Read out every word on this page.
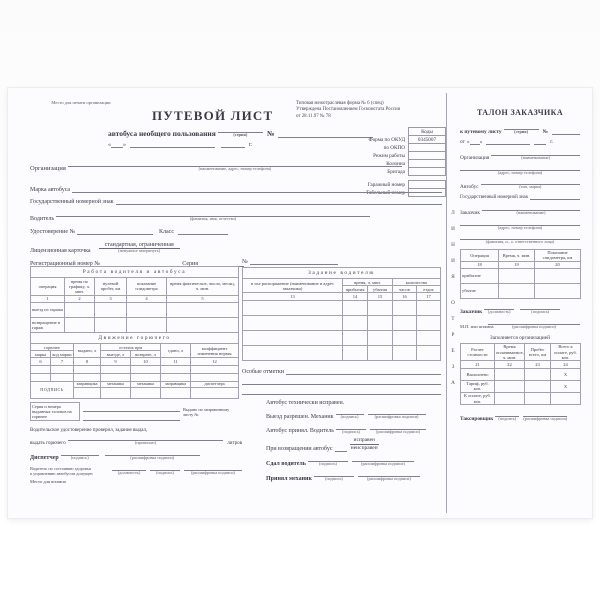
Место для печати организации
ПУТЕВОЙ ЛИСТ
автобуса необщего пользования	(серия)	№
« »	г.
Типовая межотраслевая форма № 6 (спец)
Утверждена Постановлением Госкомстата России
от 28.11.97 № 78
Коды
Форма по ОКУД	0345007
по ОКПО
Режим работы
Колонна
Бригада
Гаражный номер
Табельный номер
Организация	(наименование, адрес, номер телефона)
Марка автобуса
Государственный номерной знак
Водитель	(фамилия, имя, отчество)
Удостоверение №	Класс
Лицензионная карточка
стандартная, ограниченная
(ненужное зачеркнуть)
Регистрационный номер №	Серия
Работа водителя и автобуса				
операция	время по графику, ч. мин.	нулевой пробег, км	показание спидометра	время фактическое, число, месяц, ч. мин.
1	2	3	4	5
выезд из гаража				
возвращение в гараж				
Движение горючего						
горючее		выдано, л	остаток при		сдано, л	коэффициент изменения нормы
марка	код марки		выезде, л	возврате, л		
6	7	8	9	10	11	12

ПОДПИСЬ		заправщика	механика	механика	заправщика	диспетчера

Серия и номера выданных талонов на горючее
Выдано по заправочному листу №
Водительское удостоверение проверил, задание выдал,
выдать горючего	(прописью)	литров
Диспетчер	(подпись)	(расшифровка подписи)
Водитель по состоянию здоровья
к управлению автобусом допущен	(должность)	(подпись)	(расшифровка подписи)
Место для штампа
№
Задание водителю				
в чье распоряжение (наименование и адрес заказчика)	время, ч. мин.		количество	
	прибытия	убытия	часов	ездок
13	14	15	16	17

Особые отметки
Автобус технически исправен.
Выезд разрешен. Механик (подпись)	(расшифровка подписи)
Автобус принял. Водитель (подпись)	(расшифровка подписи)
При возвращении автобус
исправен
неисправен
Сдал водитель	(подпись)	(расшифровка подписи)
Принял механик	(подпись)	(расшифровка подписи)
Л
И
Н
И
Я
О
Т
Р
Е
З
А
ТАЛОН ЗАКАЗЧИКА
к путевому листу	(серия)	№
от « »	г.
Организация	(наименование)
(адрес, номер телефона)
Автобус	(тип, марка)
Государственный номерной знак
Заказчик	(наименование)
(адрес, номер телефона)
(фамилия, и., о. ответственного лица)
Операция	Время, ч. мин.	Показание спидометра, км
18	19	20
прибытие		
убытие		
Заказчик (должность)	(подпись)
М.П. или штампа	(расшифровка подписи)
Заполняется организацией
Расчет стоимости	Время оплачиваемое, ч. мин.	Пробег всего, км	Всего к оплате, руб. коп.
21	22	23	24
Выполнено			X
Тариф, руб. коп.			X
К оплате, руб. коп.			
Таксировщик (подпись) (расшифровка подписи)
